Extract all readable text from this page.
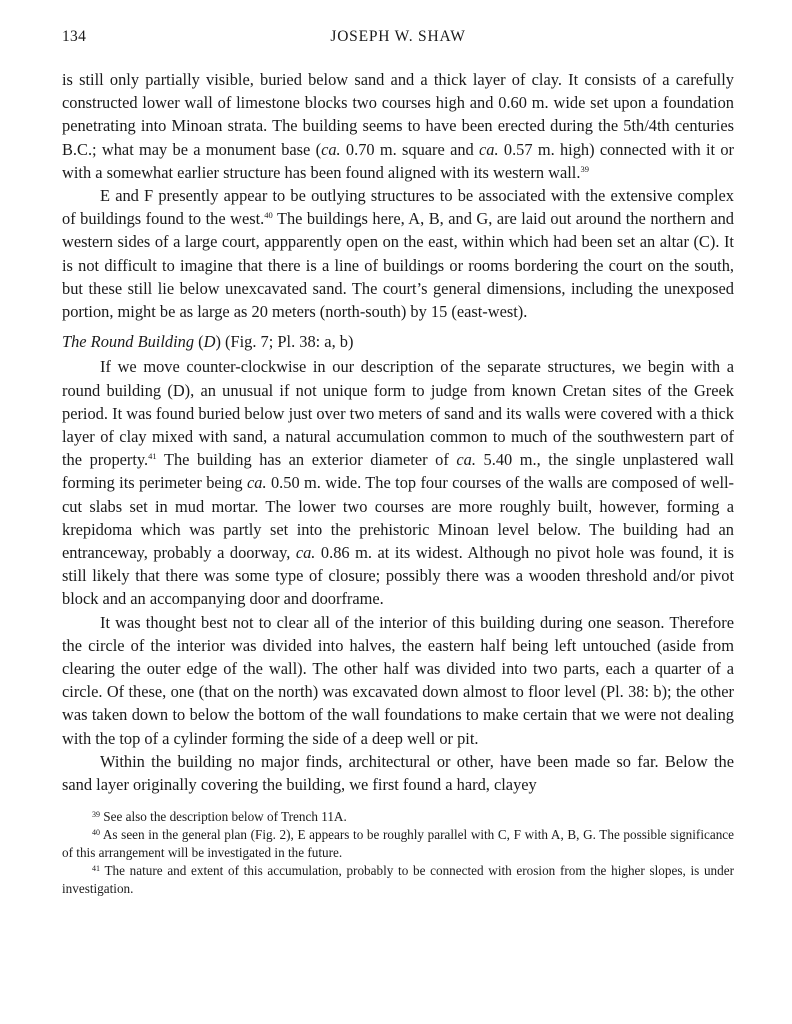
134	JOSEPH W. SHAW

is still only partially visible, buried below sand and a thick layer of clay. It consists of a carefully constructed lower wall of limestone blocks two courses high and 0.60 m. wide set upon a foundation penetrating into Minoan strata. The building seems to have been erected during the 5th/4th centuries B.C.; what may be a monument base (ca. 0.70 m. square and ca. 0.57 m. high) connected with it or with a somewhat earlier structure has been found aligned with its western wall.$^{39}$

E and F presently appear to be outlying structures to be associated with the extensive complex of buildings found to the west.$^{40}$ The buildings here, A, B, and G, are laid out around the northern and western sides of a large court, appparently open on the east, within which had been set an altar (C). It is not difficult to imagine that there is a line of buildings or rooms bordering the court on the south, but these still lie below unexcavated sand. The court’s general dimensions, including the unexposed portion, might be as large as 20 meters (north-south) by 15 (east-west).

The Round Building (D) (Fig. 7; Pl. 38: a, b)

If we move counter-clockwise in our description of the separate structures, we begin with a round building (D), an unusual if not unique form to judge from known Cretan sites of the Greek period. It was found buried below just over two meters of sand and its walls were covered with a thick layer of clay mixed with sand, a natural accumulation common to much of the southwestern part of the property.$^{41}$ The building has an exterior diameter of ca. 5.40 m., the single unplastered wall forming its perimeter being ca. 0.50 m. wide. The top four courses of the walls are composed of well-cut slabs set in mud mortar. The lower two courses are more roughly built, however, forming a krepidoma which was partly set into the prehistoric Minoan level below. The building had an entranceway, probably a doorway, ca. 0.86 m. at its widest. Although no pivot hole was found, it is still likely that there was some type of closure; possibly there was a wooden threshold and/or pivot block and an accompanying door and doorframe.

It was thought best not to clear all of the interior of this building during one season. Therefore the circle of the interior was divided into halves, the eastern half being left untouched (aside from clearing the outer edge of the wall). The other half was divided into two parts, each a quarter of a circle. Of these, one (that on the north) was excavated down almost to floor level (Pl. 38: b); the other was taken down to below the bottom of the wall foundations to make certain that we were not dealing with the top of a cylinder forming the side of a deep well or pit.

Within the building no major finds, architectural or other, have been made so far. Below the sand layer originally covering the building, we first found a hard, clayey

$^{39}$ See also the description below of Trench 11A.

$^{40}$ As seen in the general plan (Fig. 2), E appears to be roughly parallel with C, F with A, B, G. The possible significance of this arrangement will be investigated in the future.

$^{41}$ The nature and extent of this accumulation, probably to be connected with erosion from the higher slopes, is under investigation.
